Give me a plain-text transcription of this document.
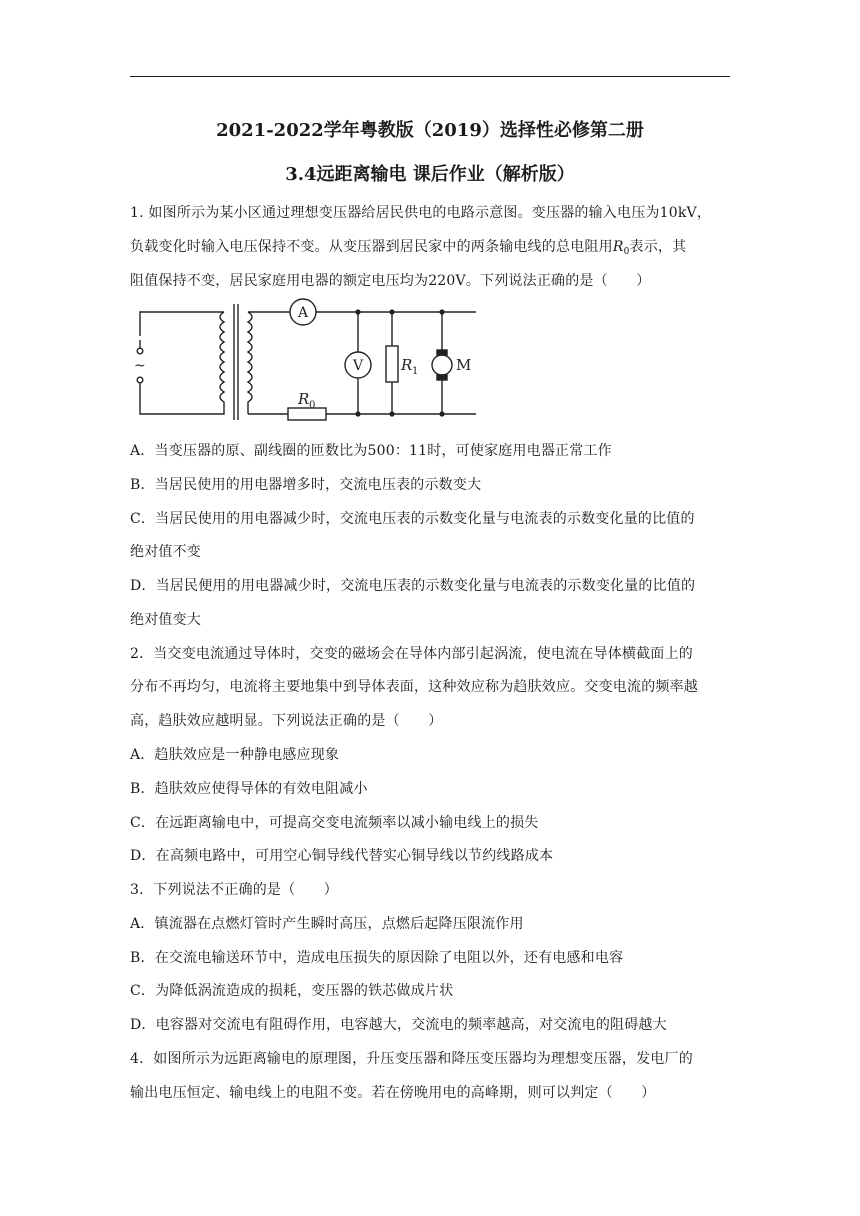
2021-2022学年粤教版（2019）选择性必修第二册
3.4远距离输电 课后作业（解析版）
1. 如图所示为某小区通过理想变压器给居民供电的电路示意图。变压器的输入电压为10kV，
负载变化时输入电压保持不变。从变压器到居民家中的两条输电线的总电阻用$R_0$表示，其
阻值保持不变，居民家庭用电器的额定电压均为220V。下列说法正确的是（　　）
A
V	R 1	M
R 0
~
A．当变压器的原、副线圈的匝数比为500：11时，可使家庭用电器正常工作
B．当居民使用的用电器增多时，交流电压表的示数变大
C．当居民使用的用电器减少时，交流电压表的示数变化量与电流表的示数变化量的比值的
绝对值不变
D．当居民便用的用电器减少时，交流电压表的示数变化量与电流表的示数变化量的比值的
绝对值变大
2．当交变电流通过导体时，交变的磁场会在导体内部引起涡流，使电流在导体横截面上的
分布不再均匀，电流将主要地集中到导体表面，这种效应称为趋肤效应。交变电流的频率越
高，趋肤效应越明显。下列说法正确的是（　　）
A．趋肤效应是一种静电感应现象
B．趋肤效应使得导体的有效电阻减小
C．在远距离输电中，可提高交变电流频率以减小输电线上的损失
D．在高频电路中，可用空心铜导线代替实心铜导线以节约线路成本
3．下列说法不正确的是（　　）
A．镇流器在点燃灯管时产生瞬时高压，点燃后起降压限流作用
B．在交流电输送环节中，造成电压损失的原因除了电阻以外，还有电感和电容
C．为降低涡流造成的损耗，变压器的铁芯做成片状
D．电容器对交流电有阻碍作用，电容越大，交流电的频率越高，对交流电的阻碍越大
4．如图所示为远距离输电的原理图，升压变压器和降压变压器均为理想变压器，发电厂的
输出电压恒定、输电线上的电阻不变。若在傍晚用电的高峰期，则可以判定（　　）
